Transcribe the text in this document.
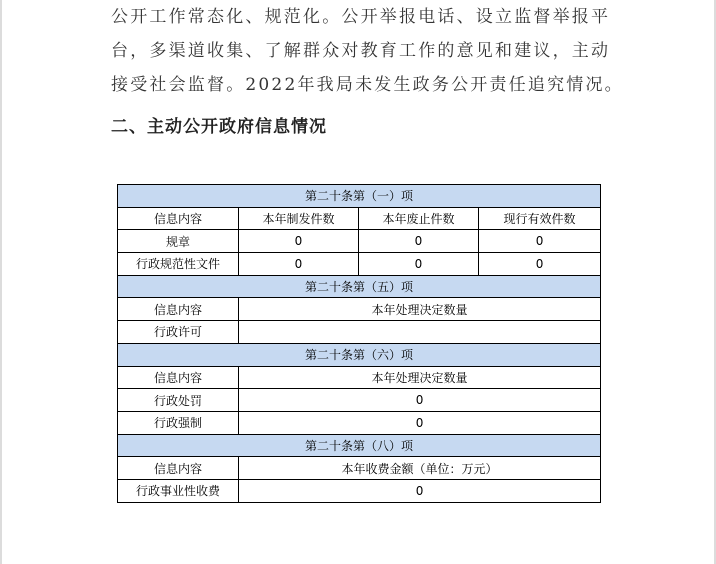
公开工作常态化、规范化。公开举报电话、设立监督举报平
台，多渠道收集、了解群众对教育工作的意见和建议，主动
接受社会监督。2022年我局未发生政务公开责任追究情况。
二、主动公开政府信息情况
第二十条第（一）项			
信息内容	本年制发件数	本年废止件数	现行有效件数
规章	0	0	0
行政规范性文件	0	0	0
第二十条第（五）项			
信息内容	本年处理决定数量		
行政许可			
第二十条第（六）项			
信息内容	本年处理决定数量		
行政处罚	0		
行政强制	0		
第二十条第（八）项			
信息内容	本年收费金额（单位：万元）		
行政事业性收费	0		
